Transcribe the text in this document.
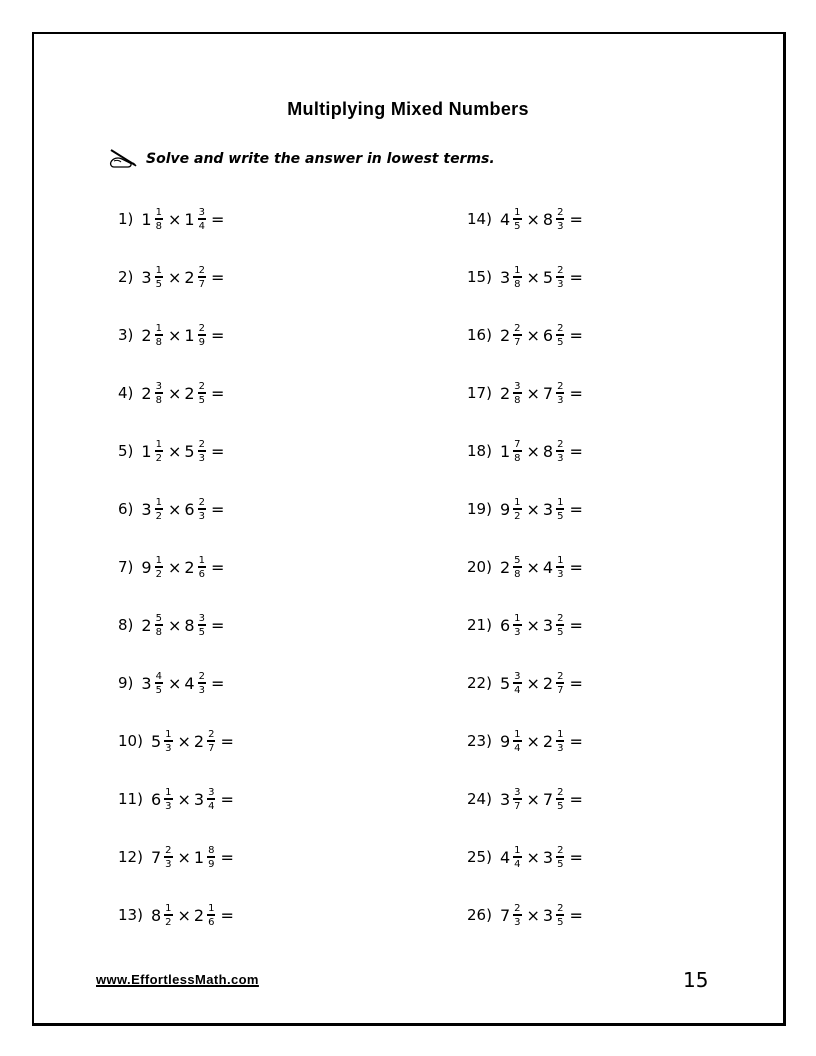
Multiplying Mixed Numbers
Solve and write the answer in lowest terms.
1) $1 \frac{1}{8} \times 1 \frac{3}{4}$ =
2) $3 \frac{1}{5} \times 2 \frac{2}{7}$ =
3) $2 \frac{1}{8} \times 1 \frac{2}{9}$ =
4) $2 \frac{3}{8} \times 2 \frac{2}{5}$ =
5) $1 \frac{1}{2} \times 5 \frac{2}{3}$ =
6) $3 \frac{1}{2} \times 6 \frac{2}{3}$ =
7) $9 \frac{1}{2} \times 2 \frac{1}{6}$ =
8) $2 \frac{5}{8} \times 8 \frac{3}{5}$ =
9) $3 \frac{4}{5} \times 4 \frac{2}{3}$ =
10) $5 \frac{1}{3} \times 2 \frac{2}{7}$ =
11) $6 \frac{1}{3} \times 3 \frac{3}{4}$ =
12) $7 \frac{2}{3} \times 1 \frac{8}{9}$ =
13) $8 \frac{1}{2} \times 2 \frac{1}{6}$ =
14) $4 \frac{1}{5} \times 8 \frac{2}{3}$ =
15) $3 \frac{1}{8} \times 5 \frac{2}{3}$ =
16) $2 \frac{2}{7} \times 6 \frac{2}{5}$ =
17) $2 \frac{3}{8} \times 7 \frac{2}{3}$ =
18) $1 \frac{7}{8} \times 8 \frac{2}{3}$ =
19) $9 \frac{1}{2} \times 3 \frac{1}{5}$ =
20) $2 \frac{5}{8} \times 4 \frac{1}{3}$ =
21) $6 \frac{1}{3} \times 3 \frac{2}{5}$ =
22) $5 \frac{3}{4} \times 2 \frac{2}{7}$ =
23) $9 \frac{1}{4} \times 2 \frac{1}{3}$ =
24) $3 \frac{3}{7} \times 7 \frac{2}{5}$ =
25) $4 \frac{1}{4} \times 3 \frac{2}{5}$ =
26) $7 \frac{2}{3} \times 3 \frac{2}{5}$ =
www.EffortlessMath.com	15
